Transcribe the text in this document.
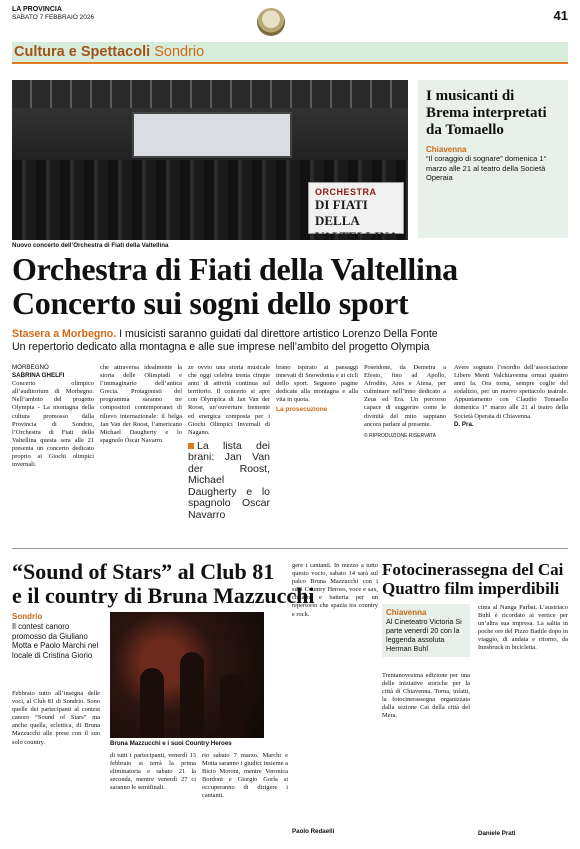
LA PROVINCIA
SABATO 7 FEBBRAIO 2026	41
Cultura e Spettacoli Sondrio
ORCHESTRA
DI FIATI DELLA VALTELLINA
Nuovo concerto dell’Orchestra di Fiati della Valtellina
I musicanti di Brema interpretati da Tomaello
Chiavenna
“Il coraggio di sognare” domenica 1° marzo alle 21 al teatro della Società Operaia
Orchestra di Fiati della Valtellina
Concerto sui sogni dello sport
Stasera a Morbegno. I musicisti saranno guidati dal direttore artistico Lorenzo Della Fonte
Un repertorio dedicato alla montagna e alle sue imprese nell’ambito del progetto Olympia
MORBEGNO
SABRINA GHELFI
Concerto olimpico all’auditorium di Morbegno. Nell’ambito del progetto Olympia - La montagna della cultura promosso dalla Provincia di Sondrio, l’Orchestra di Fiati della Valtellina questa sera alle 21 presenta un concerto dedicato proprio ai Giochi olimpici invernali.
che attraversa idealmente la storia delle Olimpiadi e l’immaginario dell’antica Grecia. Protagonisti del programma saranno tre compositori contemporanei di rilievo internazionale: il belga Jan Van der Roost, l’americano Michael Daugherty e lo spagnolo Óscar Navarro.
ze ovvio una storia musicale che oggi celebra trenta cinque anni di attività continua sul territorio. Il concerto si apre con Olympica di Jan Van der Roost, un’ouverture fremente ed energica composta per i Giochi Olimpici Invernali di Nagano.
La lista dei brani: Jan Van der Roost, Michael Daugherty e lo spagnolo Oscar Navarro
brano ispirato ai paesaggi innevati di Snowdonia e ai cicli dello sport. Seguono pagine dedicate alla montagna e alla vita in quota.
La prosecuzione
Poseidone, da Demetra a Efesto, fino ad Apollo, Afrodite, Ares e Atena, per culminare nell’inno dedicato a Zeus ed Era. Un percorso capace di suggerire come le divinità del mito sappiano ancora parlare al presente.
© RIPRODUZIONE RISERVATA
Avere sognato l’esordio dell’associazione Libere Menti Valchiavenna ormai quattro anni fa. Ora torna, sempre coglie del sodalizio, per un nuovo spettacolo teatrale. Appuntamento con Claudio Tomaello domenica 1° marzo alle 21 al teatro della Società Operaia di Chiavenna.
D. Pra.
“Sound of Stars” al Club 81
e il country di Bruna Mazzucchi
Sondrio
Il contest canoro promosso da Giuliano Motta e Paolo Marchi nel locale di Cristina Giorio
Bruna Mazzucchi e i suoi Country Heroes
Febbraio tutto all’insegna delle voci, al Club 81 di Sondrio. Sono quelle dei partecipanti al contest canoro “Sound of Stars” ma anche quella, eclettica, di Bruna Mazzucchi alle prese con il suo solo country.
di tutti i partecipanti, venerdì 13 febbraio si terrà la prima eliminatoria e sabato 21 la seconda, mentre venerdì 27 ci saranno le semifinali.
rio sabato 7 marzo. Marchi e Motta saranno i giudici insieme a Bicio Moroni, mentre Veronica Bordoni e Giorgio Gorla si occuperanno di dirigere i cantanti.
gere i cantanti. In mezzo a tutto questo vocio, sabato 14 sarà sul palco Bruna Mazzucchi con i suoi Country Heroes, voce e sax, chitarra e batteria per un repertorio che spazia tra country e rock.
Paolo Redaelli
Fotocinerassegna del Cai
Quattro film imperdibili
Chiavenna
Al Cineteatro Victoria Si parte venerdì 20 con la leggenda assoluta Herman Buhl
Trentanovesima edizione per una delle iniziative storiche per la città di Chiavenna. Torna, infatti, la fotocinerassegna organizzata dalla sezione Cai della città del Mera.
cima al Nanga Parbat. L’austriaco Buhl è ricordato ai vertice per un’altra sua impresa. La salita in poche ore del Pizzo Badile dopo in viaggio, di andata e ritorno, da Innsbruck in bicicletta.
Daniele Prati
